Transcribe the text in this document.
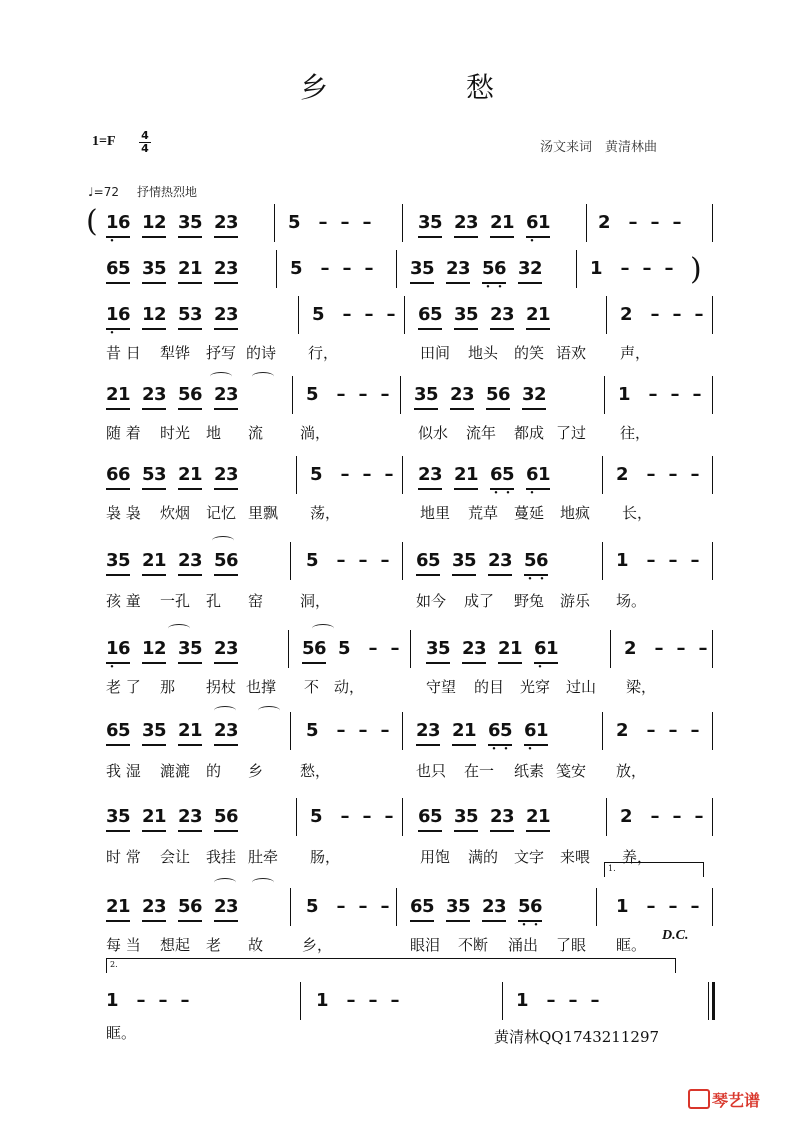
乡	愁
1=F 4
4	汤文来词　黄清林曲
♩=72 抒情热烈地
1 • 6 1 2 3 5 2 3	5 – – –	3 5 2 3 2 1 6 • 1	2 – – –
6 5 3 5 2 1 2 3	5 – – –	3 5 2 3 5 • 6 • 3 2	1 – – –
1 • 6 1 2 5 3 2 3	5 – – –	6 5 3 5 2 3 2 1	2 – – –
2 1 2 3 5 6 2 3	5 – – –	3 5 2 3 5 6 3 2	1 – – –
6 6 5 3 2 1 2 3	5 – – –	2 3 2 1 6 • 5 • 6 • 1	2 – – –
3 5 2 1 2 3 5 6	5 – – –	6 5 3 5 2 3 5 • 6 •	1 – – –
1 • 6 1 2 3 5 2 3	5 6 5 – –	3 5 2 3 2 1 6 • 1	2 – – –
6 5 3 5 2 1 2 3	5 – – –	2 3 2 1 6 • 5 • 6 • 1	2 – – –
3 5 2 1 2 3 5 6	5 – – –	6 5 3 5 2 3 2 1	2 – – –
2 1 2 3 5 6 2 3	5 – – –	6 5 3 5 2 3 5 • 6 •	1 – – –
1 – – –	1 – – –	1 – – –
(
)
昔 日 犁铧 抒写 的诗 行，	田间 地头 的笑 语欢 声，
随 着 时光 地 流 淌，	似水 流年 都成 了过 往，
袅 袅 炊烟 记忆 里飘 荡，	地里 荒草 蔓延 地疯 长，
孩 童 一孔 孔 窑 洞，	如今 成了 野兔 游乐 场。
老 了 那 拐杖 也撑 不　动，	守望 的目 光穿 过山 梁，
我 湿 漉漉 的 乡 愁，	也只 在一 纸素 笺安 放，
时 常 会让 我挂 肚牵 肠，	用饱 满的 文字 来喂 养，
每 当 想起 老 故	乡，	眼泪 不断 涌出 了眼 眶。
眶。
D.C.
1.
2.
黄清林QQ1743211297
琴艺谱
